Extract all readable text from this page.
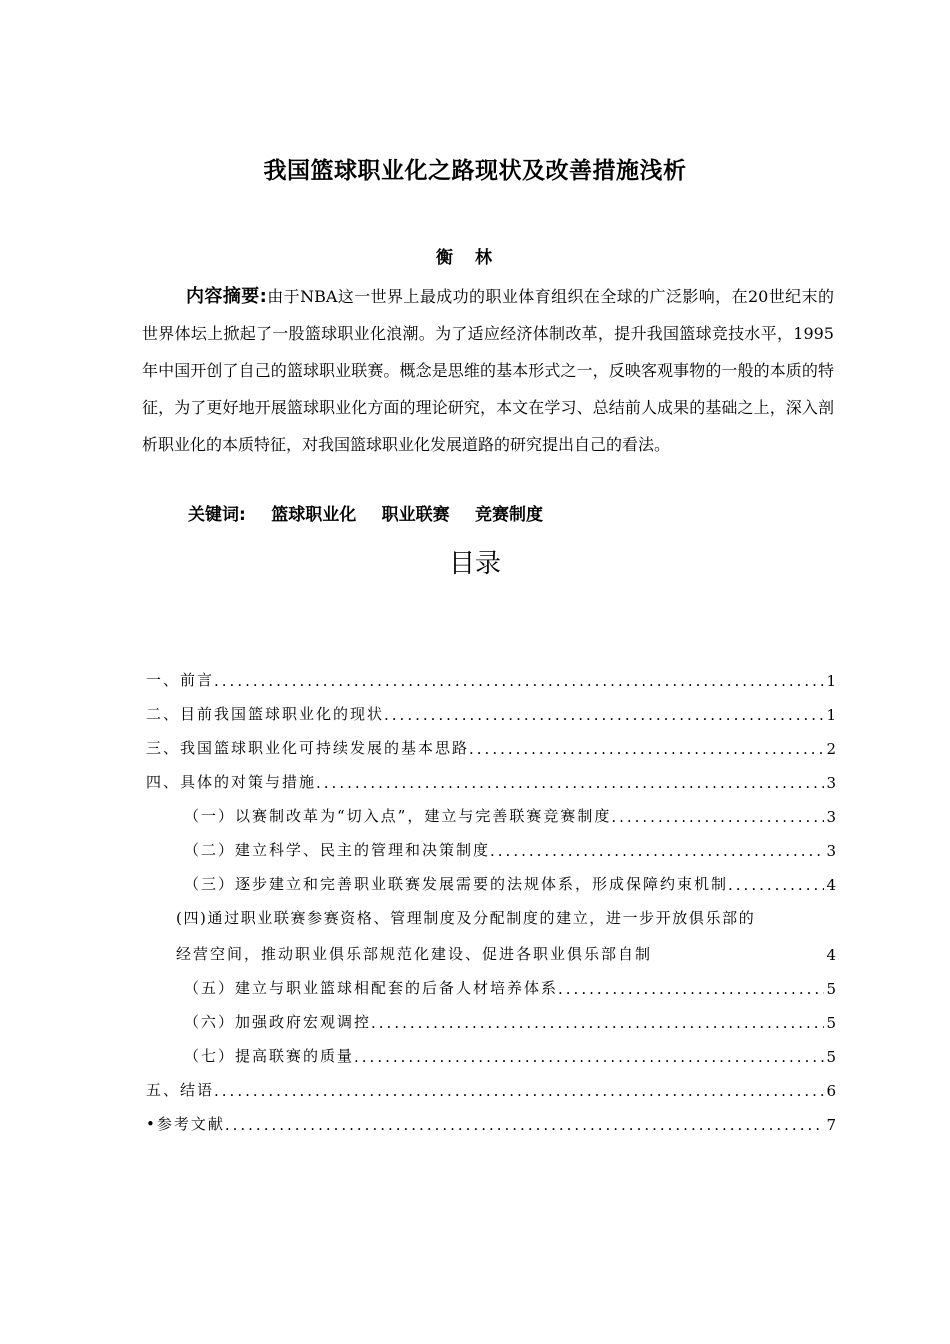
我国篮球职业化之路现状及改善措施浅析
衡林
内容摘要:由于NBA这一世界上最成功的职业体育组织在全球的广泛影响，在20世纪末的世界体坛上掀起了一股篮球职业化浪潮。为了适应经济体制改革，提升我国篮球竞技水平，1995年中国开创了自己的篮球职业联赛。概念是思维的基本形式之一，反映客观事物的一般的本质的特征，为了更好地开展篮球职业化方面的理论研究，本文在学习、总结前人成果的基础之上，深入剖析职业化的本质特征，对我国篮球职业化发展道路的研究提出自己的看法。
关键词: 篮球职业化 职业联赛 竞赛制度
目录
一、前言 .....	1
二、目前我国篮球职业化的现状 .....	1
三、我国篮球职业化可持续发展的基本思路 .....	2
四、具体的对策与措施 .....	3
（一）以赛制改革为“切入点”，建立与完善联赛竞赛制度 .....	3
（二）建立科学、民主的管理和决策制度 .....	3
（三）逐步建立和完善职业联赛发展需要的法规体系，形成保障约束机制 .....	4
(四)通过职业联赛参赛资格、管理制度及分配制度的建立，进一步开放俱乐部的
经营空间，推动职业俱乐部规范化建设、促进各职业俱乐部自制	4
（五）建立与职业篮球相配套的后备人材培养体系 .....	5
（六）加强政府宏观调控 .....	5
（七）提高联赛的质量 .....	5
五、结语 .....	6
•参考文献 .....	7
